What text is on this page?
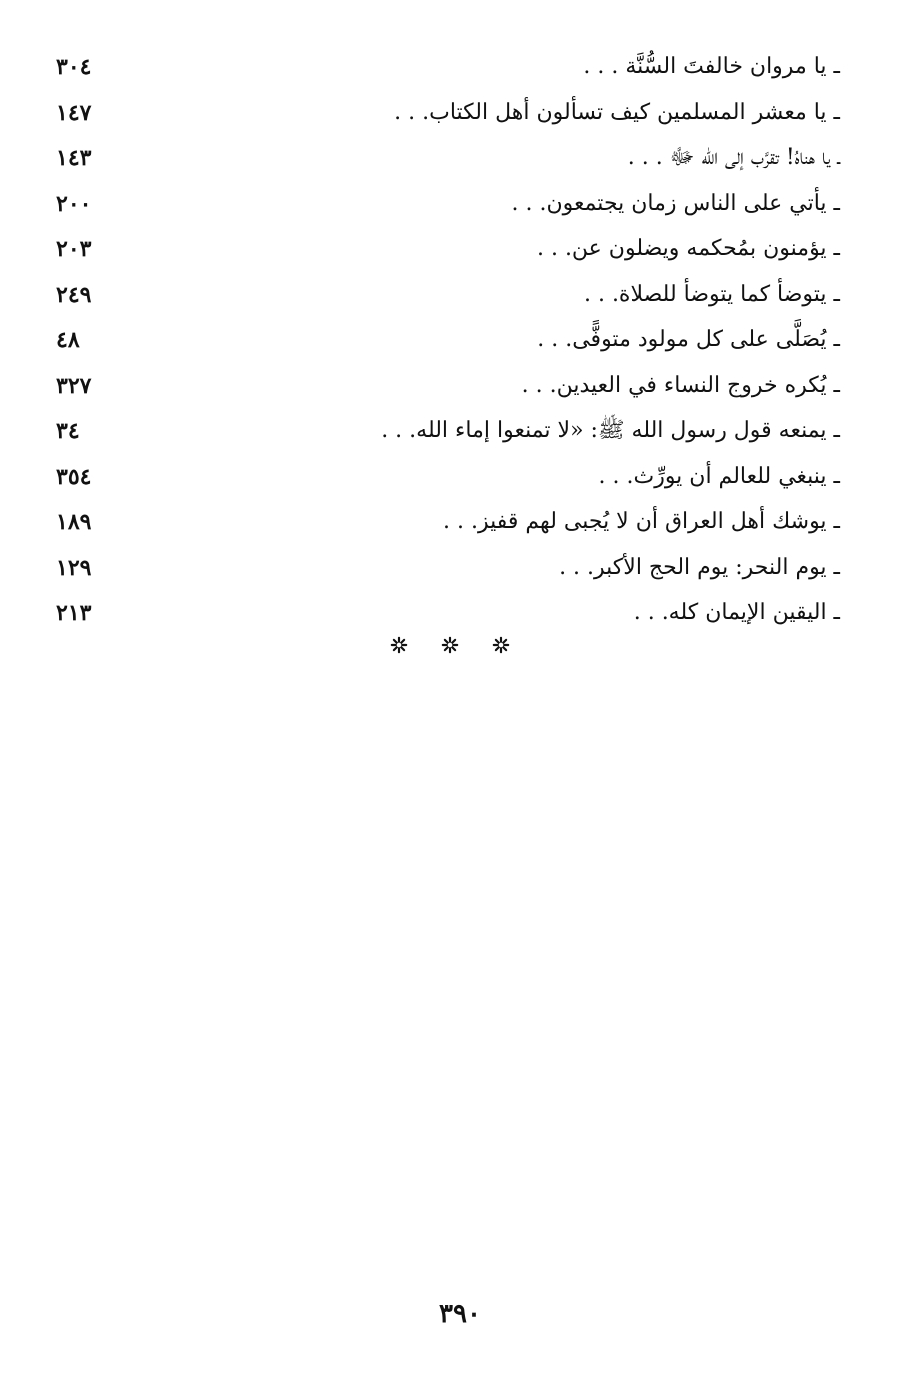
ـ يا مروان خالفتَ السُّنَّة . . .
٣٠٤
ـ يا معشر المسلمين كيف تسألون أهل الكتاب. . .
١٤٧
ـ يا هناهُ! تقرَّب إلى الله ﷻ . . .
١٤٣
ـ يأتي على الناس زمان يجتمعون. . .
٢٠٠
ـ يؤمنون بمُحكمه ويضلون عن. . .
٢٠٣
ـ يتوضأ كما يتوضأ للصلاة. . .
٢٤٩
ـ يُصَلَّى على كل مولود متوفًّى. . .
٤٨
ـ يُكره خروج النساء في العيدين. . .
٣٢٧
ـ يمنعه قول رسول الله ﷺ: «لا تمنعوا إماء الله. . .
٣٤
ـ ينبغي للعالم أن يورِّث. . .
٣٥٤
ـ يوشك أهل العراق أن لا يُجبى لهم قفيز. . .
١٨٩
ـ يوم النحر: يوم الحج الأكبر. . .
١٢٩
ـ اليقين الإيمان كله. . .
٢١٣
٣٩٠
